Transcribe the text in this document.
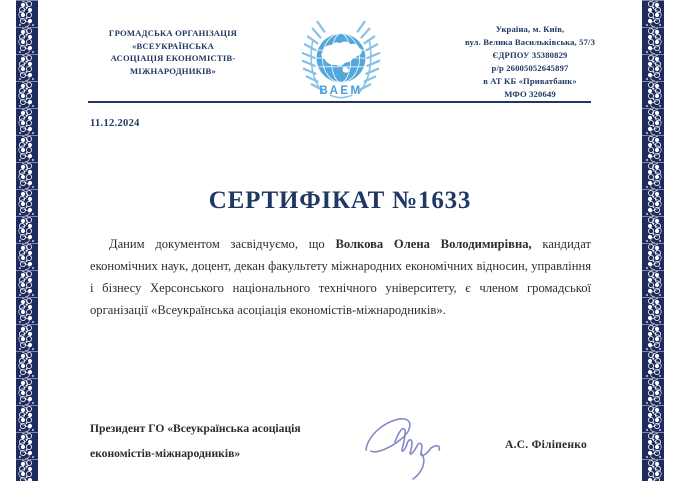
ГРОМАДСЬКА ОРГАНІЗАЦІЯ
«ВСЕУКРАЇНСЬКА
АСОЦІАЦІЯ ЕКОНОМІСТІВ-
МІЖНАРОДНИКІВ»
ВАЕМ
Україна, м. Київ,
вул. Велика Васильківська, 57/3
ЄДРПОУ 35380829
р/р 26005052645897
в АТ КБ «Приватбанк»
МФО 320649
11.12.2024
СЕРТИФІКАТ №1633

Даним документом засвідчуємо, що Волкова Олена Володимирівна, кандидат економічних наук, доцент, декан факультету міжнародних економічних відносин, управління і бізнесу Херсонського національного технічного університету, є членом громадської організації «Всеукраїнська асоціація економістів-міжнародників».

Президент ГО «Всеукраїнська асоціація
економістів-міжнародників»
А.С. Філіпенко
